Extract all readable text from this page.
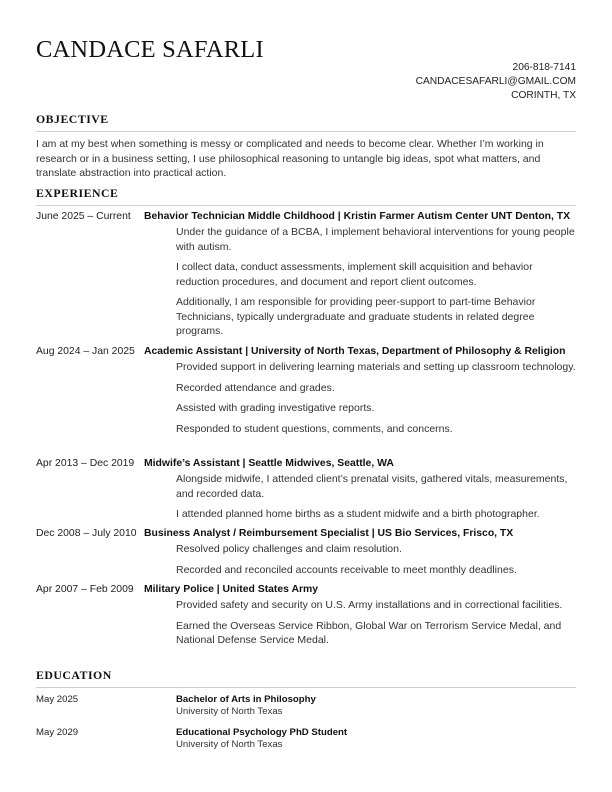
CANDACE SAFARLI
206-818-7141
CANDACESAFARLI@GMAIL.COM
CORINTH, TX
OBJECTIVE
I am at my best when something is messy or complicated and needs to become clear. Whether I’m working in research or in a business setting, I use philosophical reasoning to untangle big ideas, spot what matters, and translate abstraction into practical action.
EXPERIENCE
June 2025 – Current Behavior Technician Middle Childhood | Kristin Farmer Autism Center UNT Denton, TX

Under the guidance of a BCBA, I implement behavioral interventions for young people with autism.

I collect data, conduct assessments, implement skill acquisition and behavior reduction procedures, and document and report client outcomes.

Additionally, I am responsible for providing peer-support to part-time Behavior Technicians, typically undergraduate and graduate students in related degree programs.

Aug 2024 – Jan 2025 Academic Assistant | University of North Texas, Department of Philosophy & Religion

Provided support in delivering learning materials and setting up classroom technology.

Recorded attendance and grades.

Assisted with grading investigative reports.

Responded to student questions, comments, and concerns.

Apr 2013 – Dec 2019 Midwife’s Assistant | Seattle Midwives, Seattle, WA

Alongside midwife, I attended client’s prenatal visits, gathered vitals, measurements, and recorded data.

I attended planned home births as a student midwife and a birth photographer.

Dec 2008 – July 2010 Business Analyst / Reimbursement Specialist | US Bio Services, Frisco, TX

Resolved policy challenges and claim resolution.

Recorded and reconciled accounts receivable to meet monthly deadlines.

Apr 2007 – Feb 2009 Military Police | United States Army

Provided safety and security on U.S. Army installations and in correctional facilities.

Earned the Overseas Service Ribbon, Global War on Terrorism Service Medal, and National Defense Service Medal.

EDUCATION
May 2025	Bachelor of Arts in Philosophy
University of North Texas
May 2029	Educational Psychology PhD Student
University of North Texas
